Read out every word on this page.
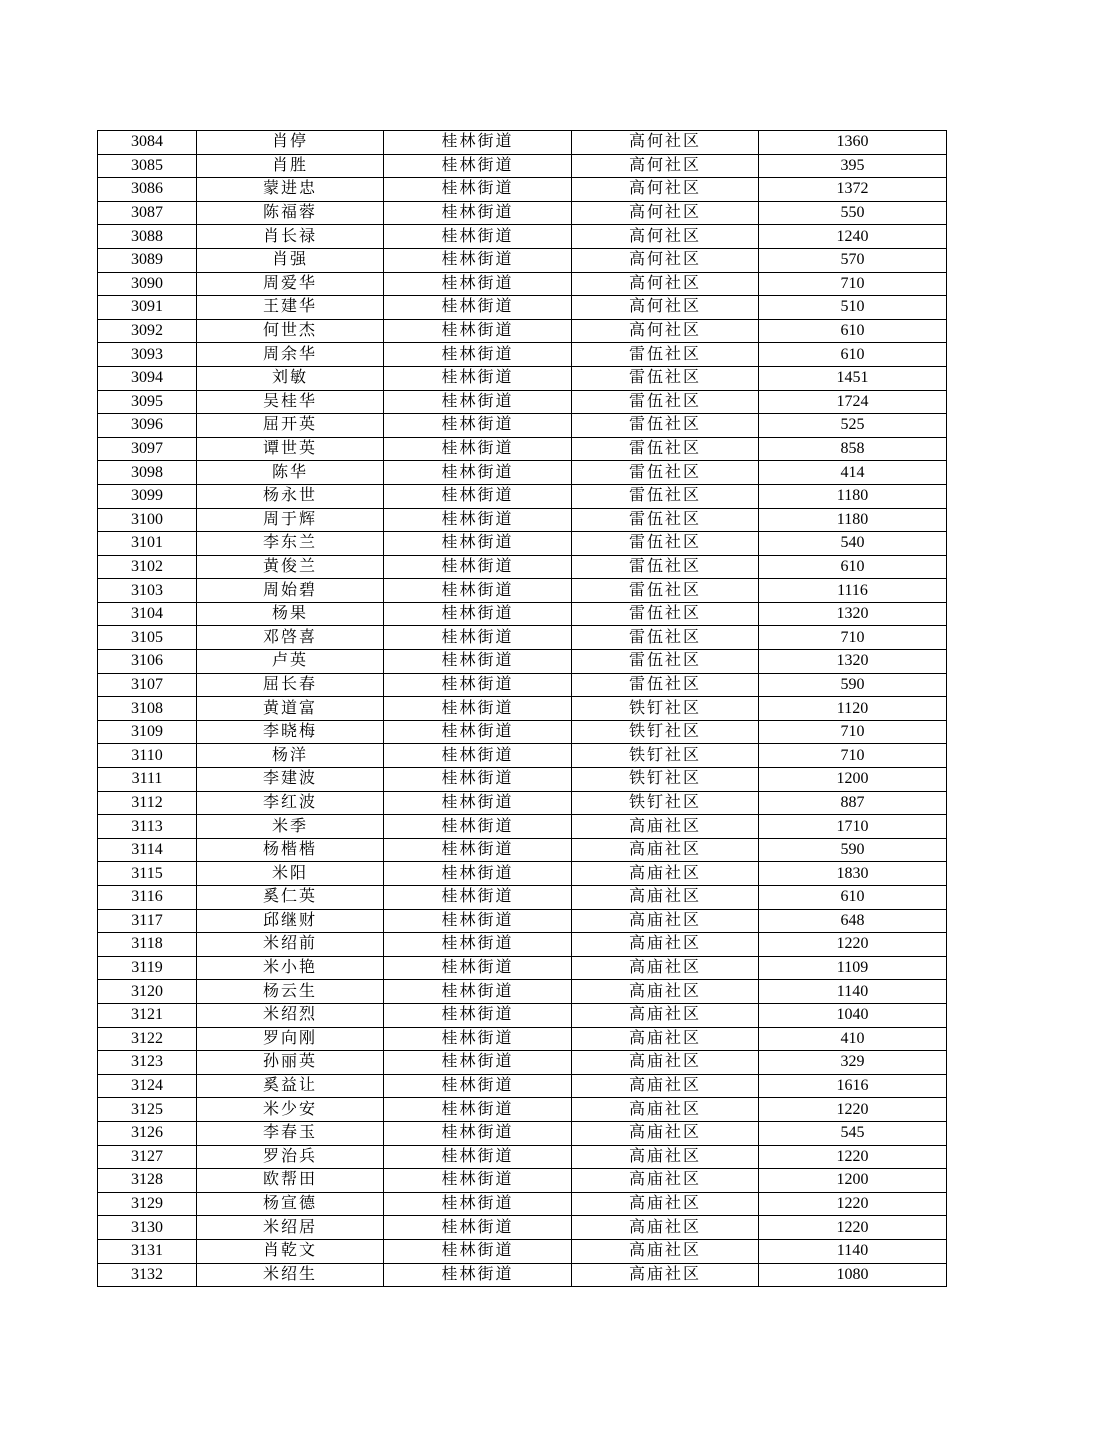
3084	肖停	桂林街道	高何社区	1360
3085	肖胜	桂林街道	高何社区	395
3086	蒙进忠	桂林街道	高何社区	1372
3087	陈福蓉	桂林街道	高何社区	550
3088	肖长禄	桂林街道	高何社区	1240
3089	肖强	桂林街道	高何社区	570
3090	周爱华	桂林街道	高何社区	710
3091	王建华	桂林街道	高何社区	510
3092	何世杰	桂林街道	高何社区	610
3093	周余华	桂林街道	雷伍社区	610
3094	刘敏	桂林街道	雷伍社区	1451
3095	吴桂华	桂林街道	雷伍社区	1724
3096	屈开英	桂林街道	雷伍社区	525
3097	谭世英	桂林街道	雷伍社区	858
3098	陈华	桂林街道	雷伍社区	414
3099	杨永世	桂林街道	雷伍社区	1180
3100	周于辉	桂林街道	雷伍社区	1180
3101	李东兰	桂林街道	雷伍社区	540
3102	黄俊兰	桂林街道	雷伍社区	610
3103	周始碧	桂林街道	雷伍社区	1116
3104	杨果	桂林街道	雷伍社区	1320
3105	邓啓喜	桂林街道	雷伍社区	710
3106	卢英	桂林街道	雷伍社区	1320
3107	屈长春	桂林街道	雷伍社区	590
3108	黄道富	桂林街道	铁钉社区	1120
3109	李晓梅	桂林街道	铁钉社区	710
3110	杨洋	桂林街道	铁钉社区	710
3111	李建波	桂林街道	铁钉社区	1200
3112	李红波	桂林街道	铁钉社区	887
3113	米季	桂林街道	高庙社区	1710
3114	杨楷楷	桂林街道	高庙社区	590
3115	米阳	桂林街道	高庙社区	1830
3116	奚仁英	桂林街道	高庙社区	610
3117	邱继财	桂林街道	高庙社区	648
3118	米绍前	桂林街道	高庙社区	1220
3119	米小艳	桂林街道	高庙社区	1109
3120	杨云生	桂林街道	高庙社区	1140
3121	米绍烈	桂林街道	高庙社区	1040
3122	罗向刚	桂林街道	高庙社区	410
3123	孙丽英	桂林街道	高庙社区	329
3124	奚益让	桂林街道	高庙社区	1616
3125	米少安	桂林街道	高庙社区	1220
3126	李春玉	桂林街道	高庙社区	545
3127	罗治兵	桂林街道	高庙社区	1220
3128	欧帮田	桂林街道	高庙社区	1200
3129	杨宣德	桂林街道	高庙社区	1220
3130	米绍居	桂林街道	高庙社区	1220
3131	肖乾文	桂林街道	高庙社区	1140
3132	米绍生	桂林街道	高庙社区	1080
